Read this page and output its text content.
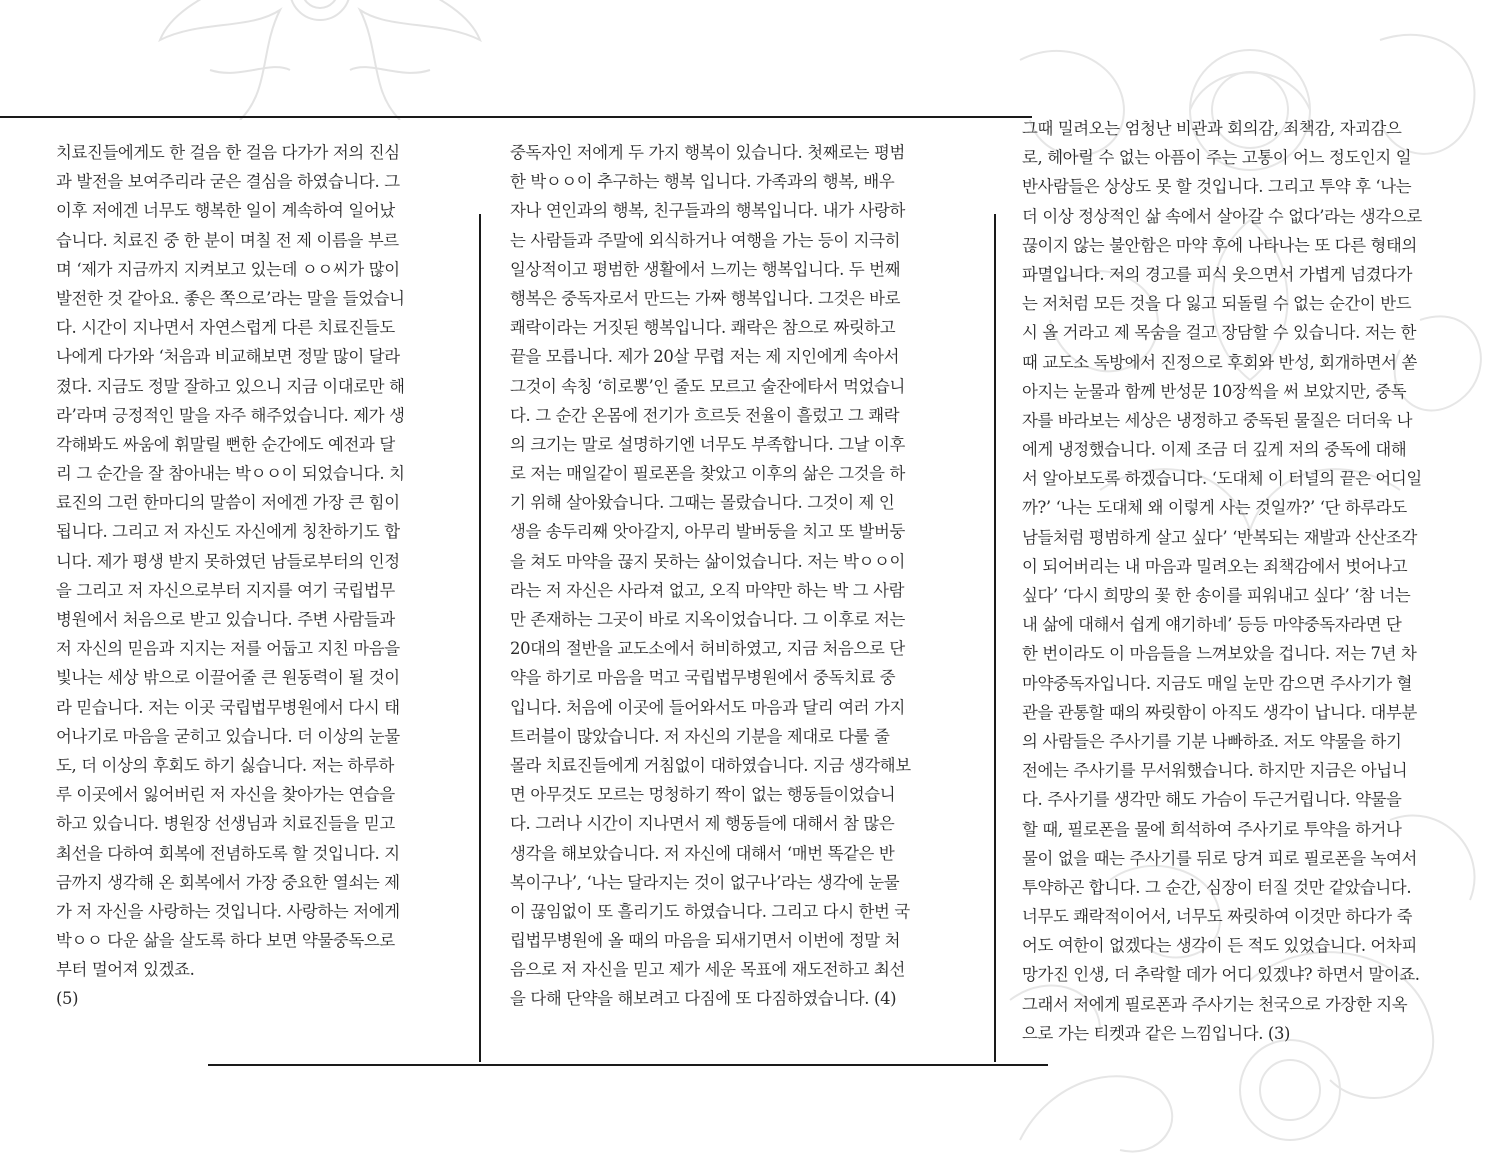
치료진들에게도 한 걸음 한 걸음 다가가 저의 진심
과 발전을 보여주리라 굳은 결심을 하였습니다. 그
이후 저에겐 너무도 행복한 일이 계속하여 일어났
습니다. 치료진 중 한 분이 며칠 전 제 이름을 부르
며 ‘제가 지금까지 지켜보고 있는데 ㅇㅇ씨가 많이
발전한 것 같아요. 좋은 쪽으로’라는 말을 들었습니
다. 시간이 지나면서 자연스럽게 다른 치료진들도
나에게 다가와 ‘처음과 비교해보면 정말 많이 달라
졌다. 지금도 정말 잘하고 있으니 지금 이대로만 해
라’라며 긍정적인 말을 자주 해주었습니다. 제가 생
각해봐도 싸움에 휘말릴 뻔한 순간에도 예전과 달
리 그 순간을 잘 참아내는 박ㅇㅇ이 되었습니다. 치
료진의 그런 한마디의 말씀이 저에겐 가장 큰 힘이
됩니다. 그리고 저 자신도 자신에게 칭찬하기도 합
니다. 제가 평생 받지 못하였던 남들로부터의 인정
을 그리고 저 자신으로부터 지지를 여기 국립법무
병원에서 처음으로 받고 있습니다. 주변 사람들과
저 자신의 믿음과 지지는 저를 어둡고 지친 마음을
빛나는 세상 밖으로 이끌어줄 큰 원동력이 될 것이
라 믿습니다. 저는 이곳 국립법무병원에서 다시 태
어나기로 마음을 굳히고 있습니다. 더 이상의 눈물
도, 더 이상의 후회도 하기 싫습니다. 저는 하루하
루 이곳에서 잃어버린 저 자신을 찾아가는 연습을
하고 있습니다. 병원장 선생님과 치료진들을 믿고
최선을 다하여 회복에 전념하도록 할 것입니다. 지
금까지 생각해 온 회복에서 가장 중요한 열쇠는 제
가 저 자신을 사랑하는 것입니다. 사랑하는 저에게
박ㅇㅇ 다운 삶을 살도록 하다 보면 약물중독으로
부터 멀어져 있겠죠.
(5)
중독자인 저에게 두 가지 행복이 있습니다. 첫째로는 평범
한 박ㅇㅇ이 추구하는 행복 입니다. 가족과의 행복, 배우
자나 연인과의 행복, 친구들과의 행복입니다. 내가 사랑하
는 사람들과 주말에 외식하거나 여행을 가는 등이 지극히
일상적이고 평범한 생활에서 느끼는 행복입니다. 두 번째
행복은 중독자로서 만드는 가짜 행복입니다. 그것은 바로
쾌락이라는 거짓된 행복입니다. 쾌락은 참으로 짜릿하고
끝을 모릅니다. 제가 20살 무렵 저는 제 지인에게 속아서
그것이 속칭 ‘히로뽕’인 줄도 모르고 술잔에타서 먹었습니
다. 그 순간 온몸에 전기가 흐르듯 전율이 흘렀고 그 쾌락
의 크기는 말로 설명하기엔 너무도 부족합니다. 그날 이후
로 저는 매일같이 필로폰을 찾았고 이후의 삶은 그것을 하
기 위해 살아왔습니다. 그때는 몰랐습니다. 그것이 제 인
생을 송두리째 앗아갈지, 아무리 발버둥을 치고 또 발버둥
을 쳐도 마약을 끊지 못하는 삶이었습니다. 저는 박ㅇㅇ이
라는 저 자신은 사라져 없고, 오직 마약만 하는 박 그 사람
만 존재하는 그곳이 바로 지옥이었습니다. 그 이후로 저는
20대의 절반을 교도소에서 허비하였고, 지금 처음으로 단
약을 하기로 마음을 먹고 국립법무병원에서 중독치료 중
입니다. 처음에 이곳에 들어와서도 마음과 달리 여러 가지
트러블이 많았습니다. 저 자신의 기분을 제대로 다룰 줄
몰라 치료진들에게 거침없이 대하였습니다. 지금 생각해보
면 아무것도 모르는 멍청하기 짝이 없는 행동들이었습니
다. 그러나 시간이 지나면서 제 행동들에 대해서 참 많은
생각을 해보았습니다. 저 자신에 대해서 ‘매번 똑같은 반
복이구나’, ‘나는 달라지는 것이 없구나’라는 생각에 눈물
이 끊임없이 또 흘리기도 하였습니다. 그리고 다시 한번 국
립법무병원에 올 때의 마음을 되새기면서 이번에 정말 처
음으로 저 자신을 믿고 제가 세운 목표에 재도전하고 최선
을 다해 단약을 해보려고 다짐에 또 다짐하였습니다. (4)
그때 밀려오는 엄청난 비관과 회의감, 죄책감, 자괴감으
로, 헤아릴 수 없는 아픔이 주는 고통이 어느 정도인지 일
반사람들은 상상도 못 할 것입니다. 그리고 투약 후 ‘나는
더 이상 정상적인 삶 속에서 살아갈 수 없다’라는 생각으로
끊이지 않는 불안함은 마약 후에 나타나는 또 다른 형태의
파멸입니다. 저의 경고를 피식 웃으면서 가볍게 넘겼다가
는 저처럼 모든 것을 다 잃고 되돌릴 수 없는 순간이 반드
시 올 거라고 제 목숨을 걸고 장담할 수 있습니다. 저는 한
때 교도소 독방에서 진정으로 후회와 반성, 회개하면서 쏟
아지는 눈물과 함께 반성문 10장씩을 써 보았지만, 중독
자를 바라보는 세상은 냉정하고 중독된 물질은 더더욱 나
에게 냉정했습니다. 이제 조금 더 깊게 저의 중독에 대해
서 알아보도록 하겠습니다. ‘도대체 이 터널의 끝은 어디일
까?’ ‘나는 도대체 왜 이렇게 사는 것일까?’ ‘단 하루라도
남들처럼 평범하게 살고 싶다’ ‘반복되는 재발과 산산조각
이 되어버리는 내 마음과 밀려오는 죄책감에서 벗어나고
싶다’ ‘다시 희망의 꽃 한 송이를 피워내고 싶다’ ‘참 너는
내 삶에 대해서 쉽게 얘기하네’ 등등 마약중독자라면 단
한 번이라도 이 마음들을 느껴보았을 겁니다. 저는 7년 차
마약중독자입니다. 지금도 매일 눈만 감으면 주사기가 혈
관을 관통할 때의 짜릿함이 아직도 생각이 납니다. 대부분
의 사람들은 주사기를 기분 나빠하죠. 저도 약물을 하기
전에는 주사기를 무서워했습니다. 하지만 지금은 아닙니
다. 주사기를 생각만 해도 가슴이 두근거립니다. 약물을
할 때, 필로폰을 물에 희석하여 주사기로 투약을 하거나
물이 없을 때는 주사기를 뒤로 당겨 피로 필로폰을 녹여서
투약하곤 합니다. 그 순간, 심장이 터질 것만 같았습니다.
너무도 쾌락적이어서, 너무도 짜릿하여 이것만 하다가 죽
어도 여한이 없겠다는 생각이 든 적도 있었습니다. 어차피
망가진 인생, 더 추락할 데가 어디 있겠냐? 하면서 말이죠.
그래서 저에게 필로폰과 주사기는 천국으로 가장한 지옥
으로 가는 티켓과 같은 느낌입니다. (3)
